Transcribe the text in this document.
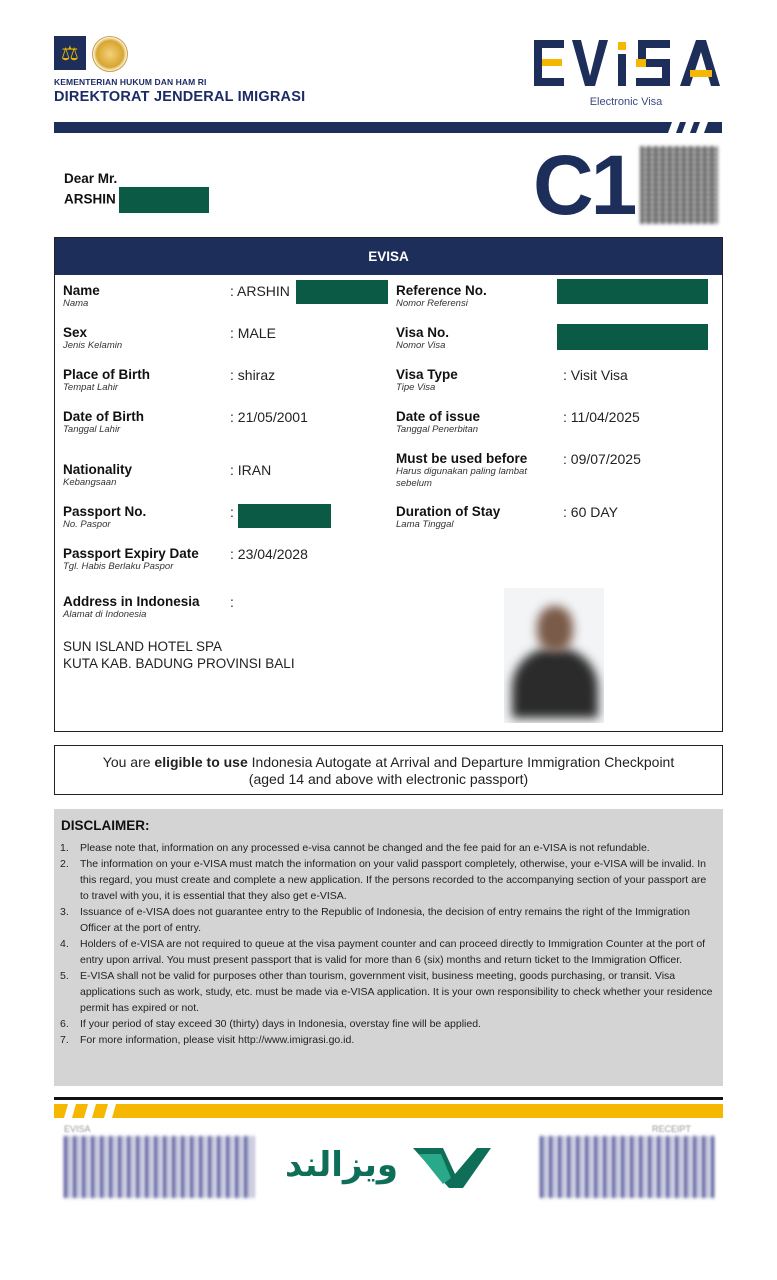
⚖
KEMENTERIAN HUKUM DAN HAM RI
DIREKTORAT JENDERAL IMIGRASI	Electronic Visa
Dear Mr.
ARSHIN	C1
EVISA
Name
Nama
: ARSHIN
Sex
Jenis Kelamin
: MALE
Place of Birth
Tempat Lahir
: shiraz
Date of Birth
Tanggal Lahir
: 21/05/2001
Nationality
Kebangsaan
: IRAN
Passport No.
No. Paspor
:
Passport Expiry Date
Tgl. Habis Berlaku Paspor
: 23/04/2028
Address in Indonesia
Alamat di Indonesia
:
SUN ISLAND HOTEL SPA
KUTA KAB. BADUNG PROVINSI BALI
Reference No.
Nomor Referensi
Visa No.
Nomor Visa
Visa Type
Tipe Visa
: Visit Visa
Date of issue
Tanggal Penerbitan
: 11/04/2025
Must be used before
Harus digunakan paling lambat sebelum
: 09/07/2025
Duration of Stay
Lama Tinggal
: 60 DAY
You are eligible to use Indonesia Autogate at Arrival and Departure Immigration Checkpoint
(aged 14 and above with electronic passport)
DISCLAIMER:
1. Please note that, information on any processed e-visa cannot be changed and the fee paid for an e-VISA is not refundable.
2. The information on your e-VISA must match the information on your valid passport completely, otherwise, your e-VISA will be invalid. In this regard, you must create and complete a new application. If the persons recorded to the accompanying section of your passport are to travel with you, it is essential that they also get e-VISA.
3. Issuance of e-VISA does not guarantee entry to the Republic of Indonesia, the decision of entry remains the right of the Immigration Officer at the port of entry.
4. Holders of e-VISA are not required to queue at the visa payment counter and can proceed directly to Immigration Counter at the port of entry upon arrival. You must present passport that is valid for more than 6 (six) months and return ticket to the Immigration Officer.
5. E-VISA shall not be valid for purposes other than tourism, government visit, business meeting, goods purchasing, or transit. Visa applications such as work, study, etc. must be made via e-VISA application. It is your own responsibility to check whether your residence permit has expired or not.
6. If your period of stay exceed 30 (thirty) days in Indonesia, overstay fine will be applied.
7. For more information, please visit http://www.imigrasi.go.id.
EVISA	RECEIPT
ویزالند
